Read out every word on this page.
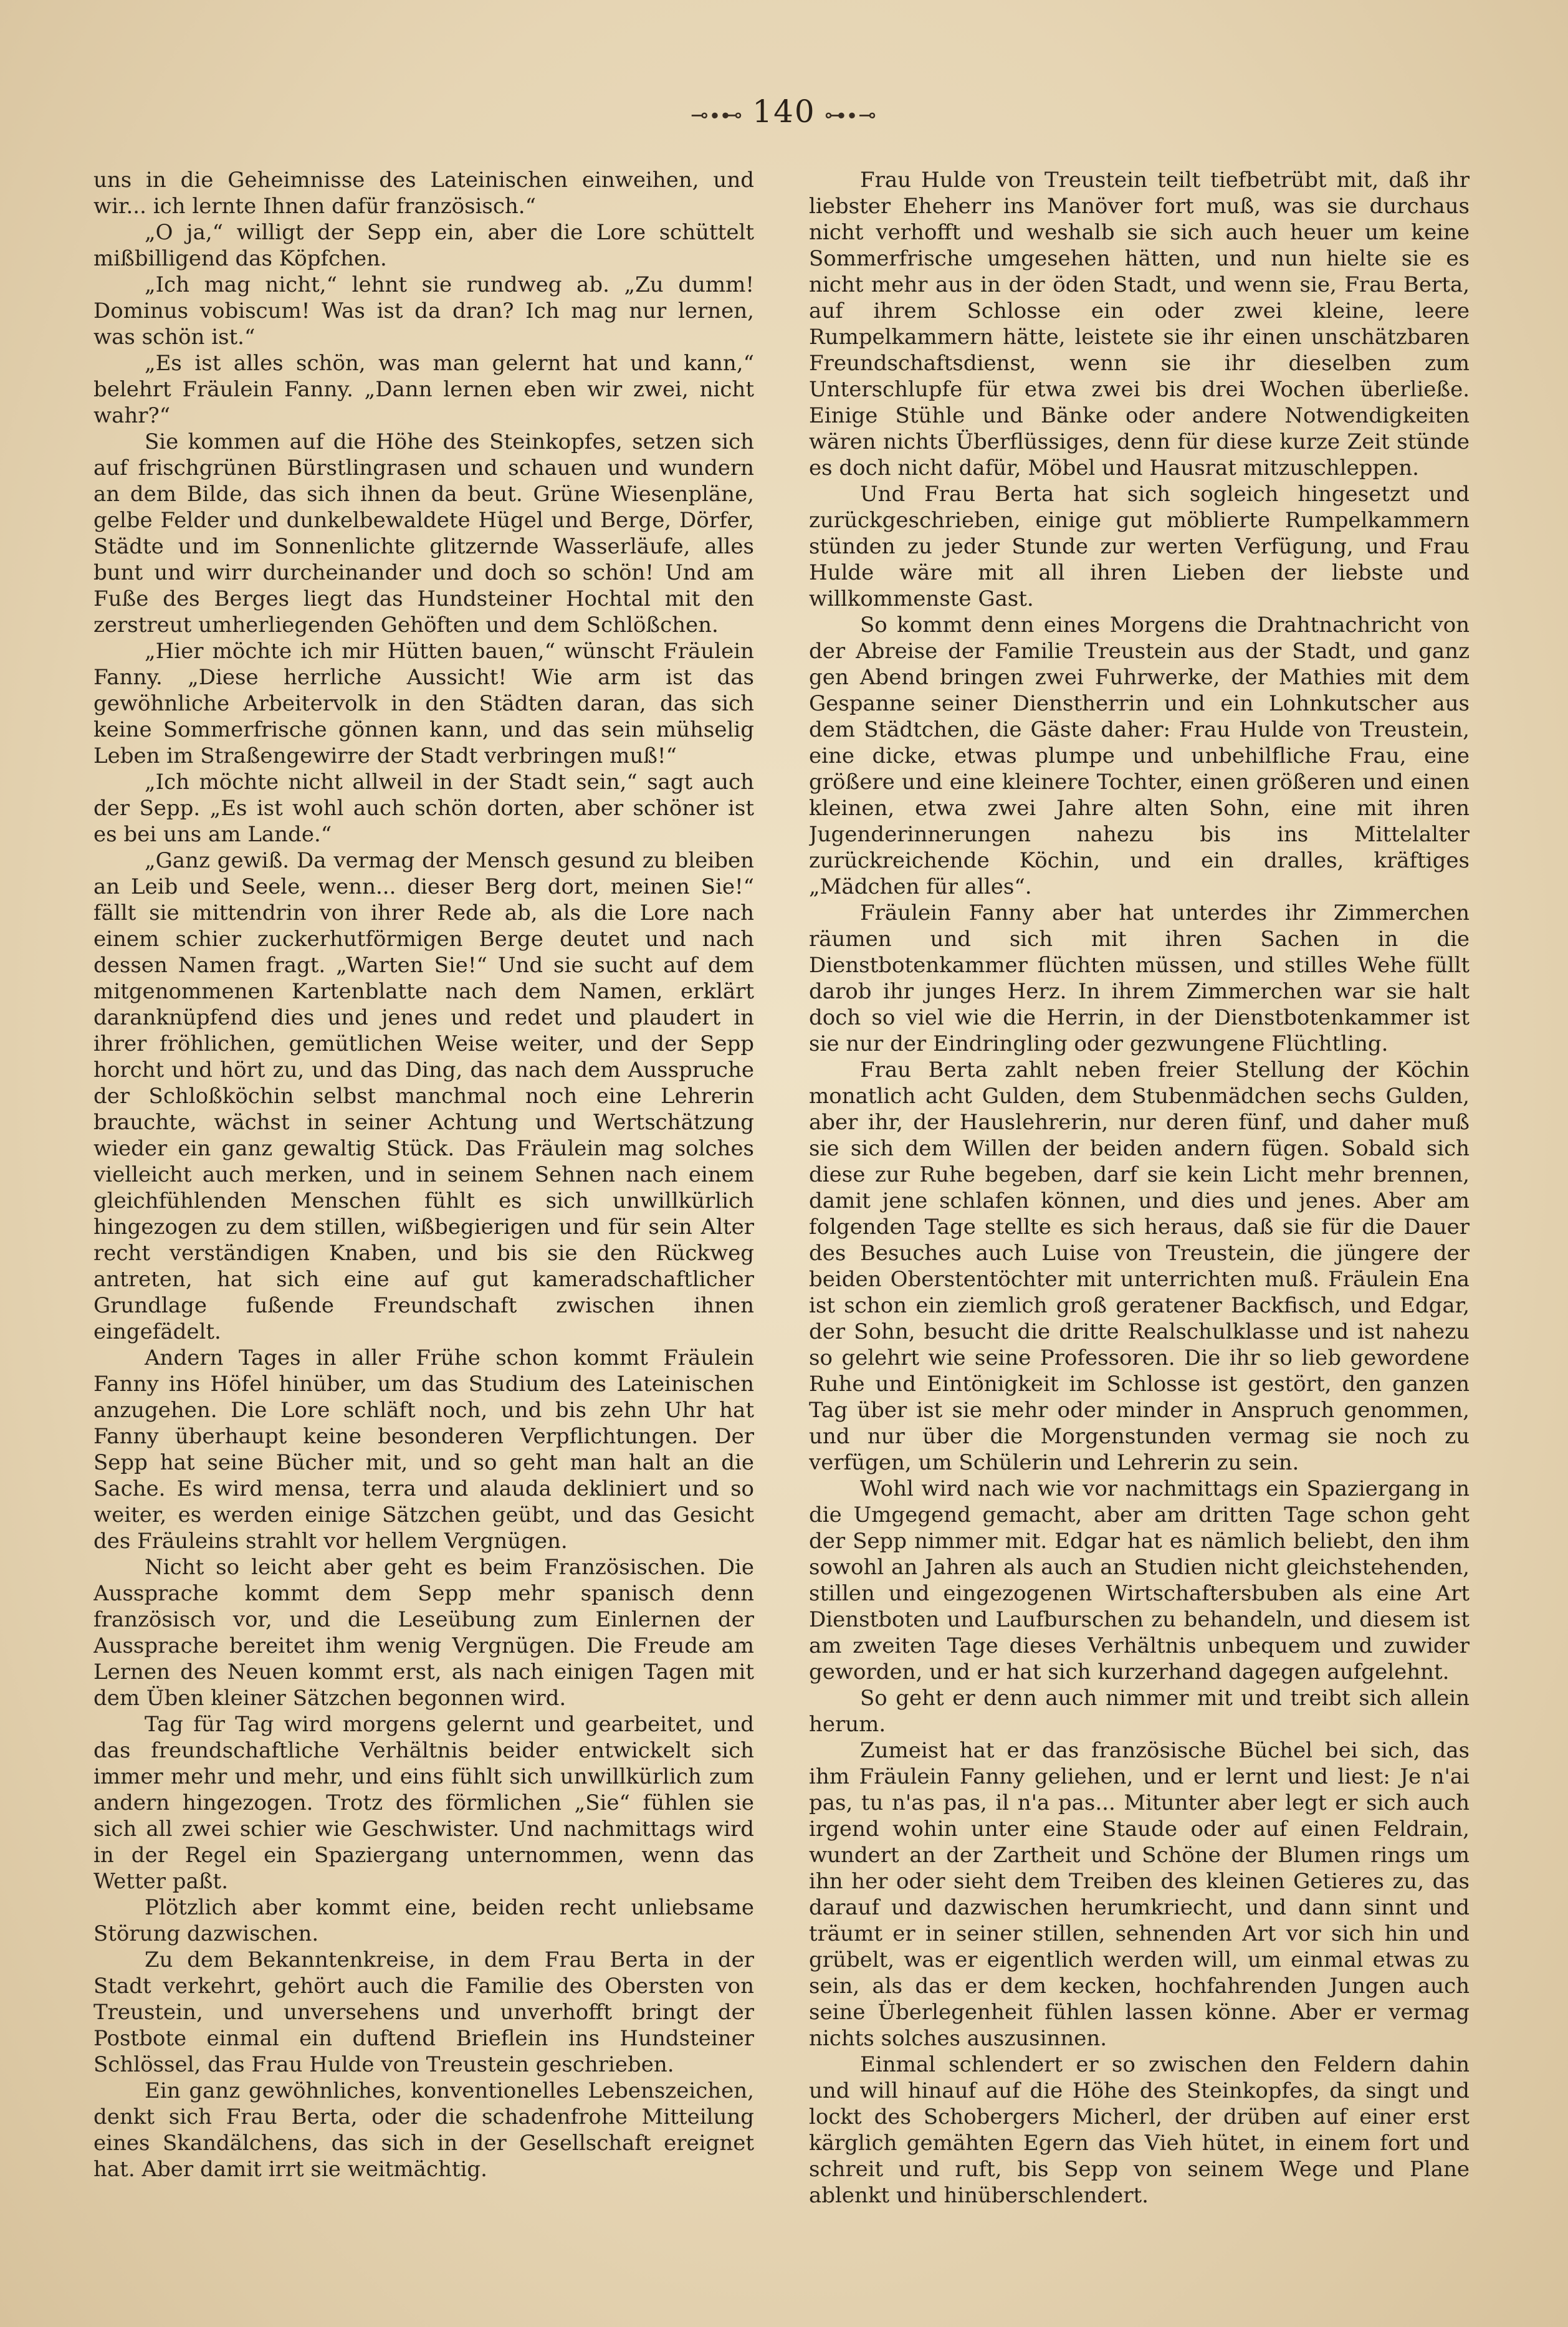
⊸∙⊷ 140 ⊶∙⊸

uns in die Geheimnisse des Lateinischen einweihen, und wir... ich lernte Ihnen dafür französisch.“

„O ja,“ willigt der Sepp ein, aber die Lore schüttelt mißbilligend das Köpfchen.

„Ich mag nicht,“ lehnt sie rundweg ab. „Zu dumm! Dominus vobiscum! Was ist da dran? Ich mag nur lernen, was schön ist.“

„Es ist alles schön, was man gelernt hat und kann,“ belehrt Fräulein Fanny. „Dann lernen eben wir zwei, nicht wahr?“

Sie kommen auf die Höhe des Steinkopfes, setzen sich auf frischgrünen Bürstlingrasen und schauen und wundern an dem Bilde, das sich ihnen da beut. Grüne Wiesenpläne, gelbe Felder und dunkelbewaldete Hügel und Berge, Dörfer, Städte und im Sonnenlichte glitzernde Wasserläufe, alles bunt und wirr durcheinander und doch so schön! Und am Fuße des Berges liegt das Hundsteiner Hochtal mit den zerstreut umherliegenden Gehöften und dem Schlößchen.

„Hier möchte ich mir Hütten bauen,“ wünscht Fräulein Fanny. „Diese herrliche Aussicht! Wie arm ist das gewöhnliche Arbeitervolk in den Städten daran, das sich keine Sommerfrische gönnen kann, und das sein mühselig Leben im Straßengewirre der Stadt verbringen muß!“

„Ich möchte nicht allweil in der Stadt sein,“ sagt auch der Sepp. „Es ist wohl auch schön dorten, aber schöner ist es bei uns am Lande.“

„Ganz gewiß. Da vermag der Mensch gesund zu bleiben an Leib und Seele, wenn... dieser Berg dort, meinen Sie!“ fällt sie mittendrin von ihrer Rede ab, als die Lore nach einem schier zuckerhutförmigen Berge deutet und nach dessen Namen fragt. „Warten Sie!“ Und sie sucht auf dem mitgenommenen Kartenblatte nach dem Namen, erklärt daranknüpfend dies und jenes und redet und plaudert in ihrer fröhlichen, gemütlichen Weise weiter, und der Sepp horcht und hört zu, und das Ding, das nach dem Ausspruche der Schloßköchin selbst manchmal noch eine Lehrerin brauchte, wächst in seiner Achtung und Wertschätzung wieder ein ganz gewaltig Stück. Das Fräulein mag solches vielleicht auch merken, und in seinem Sehnen nach einem gleichfühlenden Menschen fühlt es sich unwillkürlich hingezogen zu dem stillen, wißbegierigen und für sein Alter recht verständigen Knaben, und bis sie den Rückweg antreten, hat sich eine auf gut kameradschaftlicher Grundlage fußende Freundschaft zwischen ihnen eingefädelt.

Andern Tages in aller Frühe schon kommt Fräulein Fanny ins Höfel hinüber, um das Studium des Lateinischen anzugehen. Die Lore schläft noch, und bis zehn Uhr hat Fanny überhaupt keine besonderen Verpflichtungen. Der Sepp hat seine Bücher mit, und so geht man halt an die Sache. Es wird mensa, terra und alauda dekliniert und so weiter, es werden einige Sätzchen geübt, und das Gesicht des Fräuleins strahlt vor hellem Vergnügen.

Nicht so leicht aber geht es beim Französischen. Die Aussprache kommt dem Sepp mehr spanisch denn französisch vor, und die Leseübung zum Einlernen der Aussprache bereitet ihm wenig Vergnügen. Die Freude am Lernen des Neuen kommt erst, als nach einigen Tagen mit dem Üben kleiner Sätzchen begonnen wird.

Tag für Tag wird morgens gelernt und gearbeitet, und das freundschaftliche Verhältnis beider entwickelt sich immer mehr und mehr, und eins fühlt sich unwillkürlich zum andern hingezogen. Trotz des förmlichen „Sie“ fühlen sie sich all zwei schier wie Geschwister. Und nachmittags wird in der Regel ein Spaziergang unternommen, wenn das Wetter paßt.

Plötzlich aber kommt eine, beiden recht unliebsame Störung dazwischen.

Zu dem Bekanntenkreise, in dem Frau Berta in der Stadt verkehrt, gehört auch die Familie des Obersten von Treustein, und unversehens und unverhofft bringt der Postbote einmal ein duftend Brieflein ins Hundsteiner Schlössel, das Frau Hulde von Treustein geschrieben.

Ein ganz gewöhnliches, konventionelles Lebenszeichen, denkt sich Frau Berta, oder die schadenfrohe Mitteilung eines Skandälchens, das sich in der Gesellschaft ereignet hat. Aber damit irrt sie weitmächtig.

Frau Hulde von Treustein teilt tiefbetrübt mit, daß ihr liebster Eheherr ins Manöver fort muß, was sie durchaus nicht verhofft und weshalb sie sich auch heuer um keine Sommerfrische umgesehen hätten, und nun hielte sie es nicht mehr aus in der öden Stadt, und wenn sie, Frau Berta, auf ihrem Schlosse ein oder zwei kleine, leere Rumpelkammern hätte, leistete sie ihr einen unschätzbaren Freundschaftsdienst, wenn sie ihr dieselben zum Unterschlupfe für etwa zwei bis drei Wochen überließe. Einige Stühle und Bänke oder andere Notwendigkeiten wären nichts Überflüssiges, denn für diese kurze Zeit stünde es doch nicht dafür, Möbel und Hausrat mitzuschleppen.

Und Frau Berta hat sich sogleich hingesetzt und zurückgeschrieben, einige gut möblierte Rumpelkammern stünden zu jeder Stunde zur werten Verfügung, und Frau Hulde wäre mit all ihren Lieben der liebste und willkommenste Gast.

So kommt denn eines Morgens die Drahtnachricht von der Abreise der Familie Treustein aus der Stadt, und ganz gen Abend bringen zwei Fuhrwerke, der Mathies mit dem Gespanne seiner Dienstherrin und ein Lohnkutscher aus dem Städtchen, die Gäste daher: Frau Hulde von Treustein, eine dicke, etwas plumpe und unbehilfliche Frau, eine größere und eine kleinere Tochter, einen größeren und einen kleinen, etwa zwei Jahre alten Sohn, eine mit ihren Jugenderinnerungen nahezu bis ins Mittelalter zurückreichende Köchin, und ein dralles, kräftiges „Mädchen für alles“.

Fräulein Fanny aber hat unterdes ihr Zimmerchen räumen und sich mit ihren Sachen in die Dienstbotenkammer flüchten müssen, und stilles Wehe füllt darob ihr junges Herz. In ihrem Zimmerchen war sie halt doch so viel wie die Herrin, in der Dienstbotenkammer ist sie nur der Eindringling oder gezwungene Flüchtling.

Frau Berta zahlt neben freier Stellung der Köchin monatlich acht Gulden, dem Stubenmädchen sechs Gulden, aber ihr, der Hauslehrerin, nur deren fünf, und daher muß sie sich dem Willen der beiden andern fügen. Sobald sich diese zur Ruhe begeben, darf sie kein Licht mehr brennen, damit jene schlafen können, und dies und jenes. Aber am folgenden Tage stellte es sich heraus, daß sie für die Dauer des Besuches auch Luise von Treustein, die jüngere der beiden Oberstentöchter mit unterrichten muß. Fräulein Ena ist schon ein ziemlich groß geratener Backfisch, und Edgar, der Sohn, besucht die dritte Realschulklasse und ist nahezu so gelehrt wie seine Professoren. Die ihr so lieb gewordene Ruhe und Eintönigkeit im Schlosse ist gestört, den ganzen Tag über ist sie mehr oder minder in Anspruch genommen, und nur über die Morgenstunden vermag sie noch zu verfügen, um Schülerin und Lehrerin zu sein.

Wohl wird nach wie vor nachmittags ein Spaziergang in die Umgegend gemacht, aber am dritten Tage schon geht der Sepp nimmer mit. Edgar hat es nämlich beliebt, den ihm sowohl an Jahren als auch an Studien nicht gleichstehenden, stillen und eingezogenen Wirtschaftersbuben als eine Art Dienstboten und Laufburschen zu behandeln, und diesem ist am zweiten Tage dieses Verhältnis unbequem und zuwider geworden, und er hat sich kurzerhand dagegen aufgelehnt.

So geht er denn auch nimmer mit und treibt sich allein herum.

Zumeist hat er das französische Büchel bei sich, das ihm Fräulein Fanny geliehen, und er lernt und liest: Je n'ai pas, tu n'as pas, il n'a pas... Mitunter aber legt er sich auch irgend wohin unter eine Staude oder auf einen Feldrain, wundert an der Zartheit und Schöne der Blumen rings um ihn her oder sieht dem Treiben des kleinen Getieres zu, das darauf und dazwischen herumkriecht, und dann sinnt und träumt er in seiner stillen, sehnenden Art vor sich hin und grübelt, was er eigentlich werden will, um einmal etwas zu sein, als das er dem kecken, hochfahrenden Jungen auch seine Überlegenheit fühlen lassen könne. Aber er vermag nichts solches auszusinnen.

Einmal schlendert er so zwischen den Feldern dahin und will hinauf auf die Höhe des Steinkopfes, da singt und lockt des Schobergers Micherl, der drüben auf einer erst kärglich gemähten Egern das Vieh hütet, in einem fort und schreit und ruft, bis Sepp von seinem Wege und Plane ablenkt und hinüberschlendert.
